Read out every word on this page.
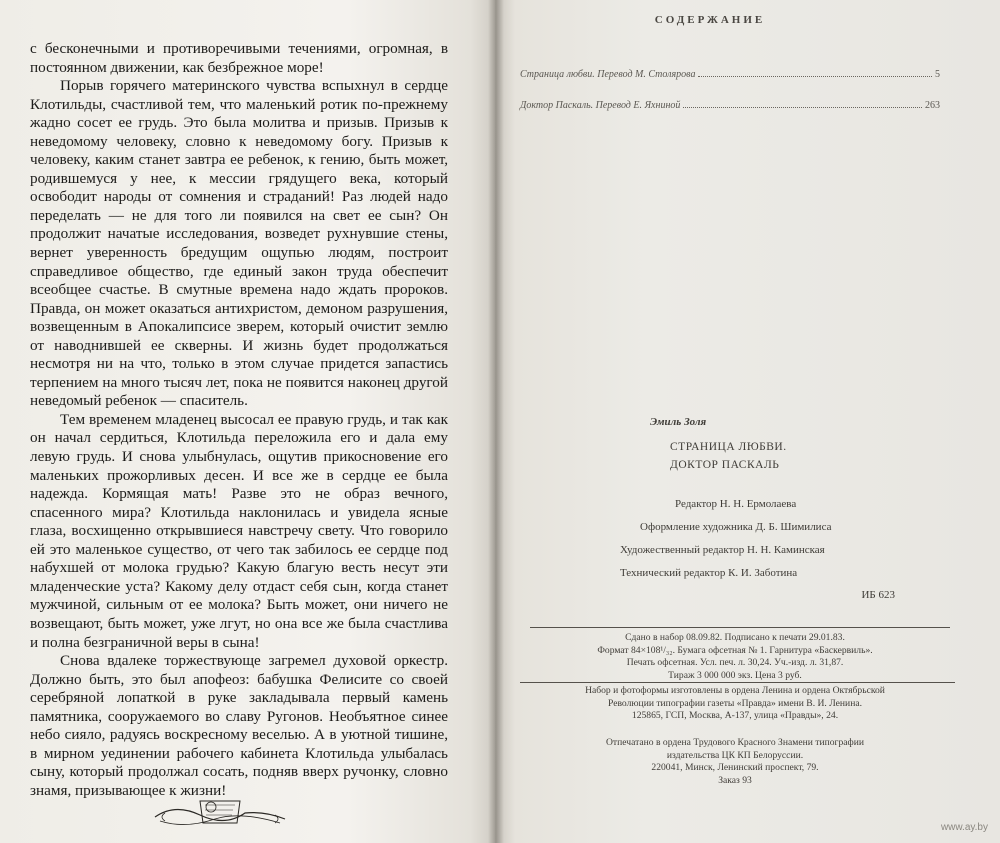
с бесконечными и противоречивыми течениями, огромная, в постоянном движении, как безбрежное море!

Порыв горячего материнского чувства вспыхнул в сердце Клотильды, счастливой тем, что маленький ротик по-прежнему жадно сосет ее грудь. Это была молитва и призыв. Призыв к неведомому человеку, словно к неведомому богу. Призыв к человеку, каким станет завтра ее ребенок, к гению, быть может, родившемуся у нее, к мессии грядущего века, который освободит народы от сомнения и страданий! Раз людей надо переделать — не для того ли появился на свет ее сын? Он продолжит начатые исследования, возведет рухнувшие стены, вернет уверенность бредущим ощупью людям, построит справедливое общество, где единый закон труда обеспечит всеобщее счастье. В смутные времена надо ждать пророков. Правда, он может оказаться антихристом, демоном разрушения, возвещенным в Апокалипсисе зверем, который очистит землю от наводнившей ее скверны. И жизнь будет продолжаться несмотря ни на что, только в этом случае придется запастись терпением на много тысяч лет, пока не появится наконец другой неведомый ребенок — спаситель.

Тем временем младенец высосал ее правую грудь, и так как он начал сердиться, Клотильда переложила его и дала ему левую грудь. И снова улыбнулась, ощутив прикосновение его маленьких прожорливых десен. И все же в сердце ее была надежда. Кормящая мать! Разве это не образ вечного, спасенного мира? Клотильда наклонилась и увидела ясные глаза, восхищенно открывшиеся навстречу свету. Что говорило ей это маленькое существо, от чего так забилось ее сердце под набухшей от молока грудью? Какую благую весть несут эти младенческие уста? Какому делу отдаст себя сын, когда станет мужчиной, сильным от ее молока? Быть может, они ничего не возвещают, быть может, уже лгут, но она все же была счастлива и полна безграничной веры в сына!

Снова вдалеке торжествующе загремел духовой оркестр. Должно быть, это был апофеоз: бабушка Фелисите со своей серебряной лопаткой в руке закладывала первый камень памятника, сооружаемого во славу Ругонов. Необъятное синее небо сияло, радуясь воскресному веселью. А в уютной тишине, в мирном уединении рабочего кабинета Клотильда улыбалась сыну, который продолжал сосать, подняв вверх ручонку, словно знамя, призывающее к жизни!

СОДЕРЖАНИЕ
Страница любви. Перевод М. Столяровa	5
Доктор Паскаль. Перевод Е. Яхниной	263
Эмиль Золя
СТРАНИЦА ЛЮБВИ.
ДОКТОР ПАСКАЛЬ
Редактор Н. Н. Ермолаева
Оформление художника Д. Б. Шимилиса
Художественный редактор Н. Н. Каминская
Технический редактор К. И. Заботина
ИБ 623
Сдано в набор 08.09.82. Подписано к печати 29.01.83.
Формат 84×108¹/₃₂. Бумага офсетная № 1. Гарнитура «Баскервиль».
Печать офсетная. Усл. печ. л. 30,24. Уч.-изд. л. 31,87.
Тираж 3 000 000 экз. Цена 3 руб.
Набор и фотоформы изготовлены в ордена Ленина и ордена Октябрьской
Революции типографии газеты «Правда» имени В. И. Ленина.
125865, ГСП, Москва, А-137, улица «Правды», 24.
Отпечатано в ордена Трудового Красного Знамени типографии
издательства ЦК КП Белоруссии.
220041, Минск, Ленинский проспект, 79.
Заказ 93
www.ay.by
